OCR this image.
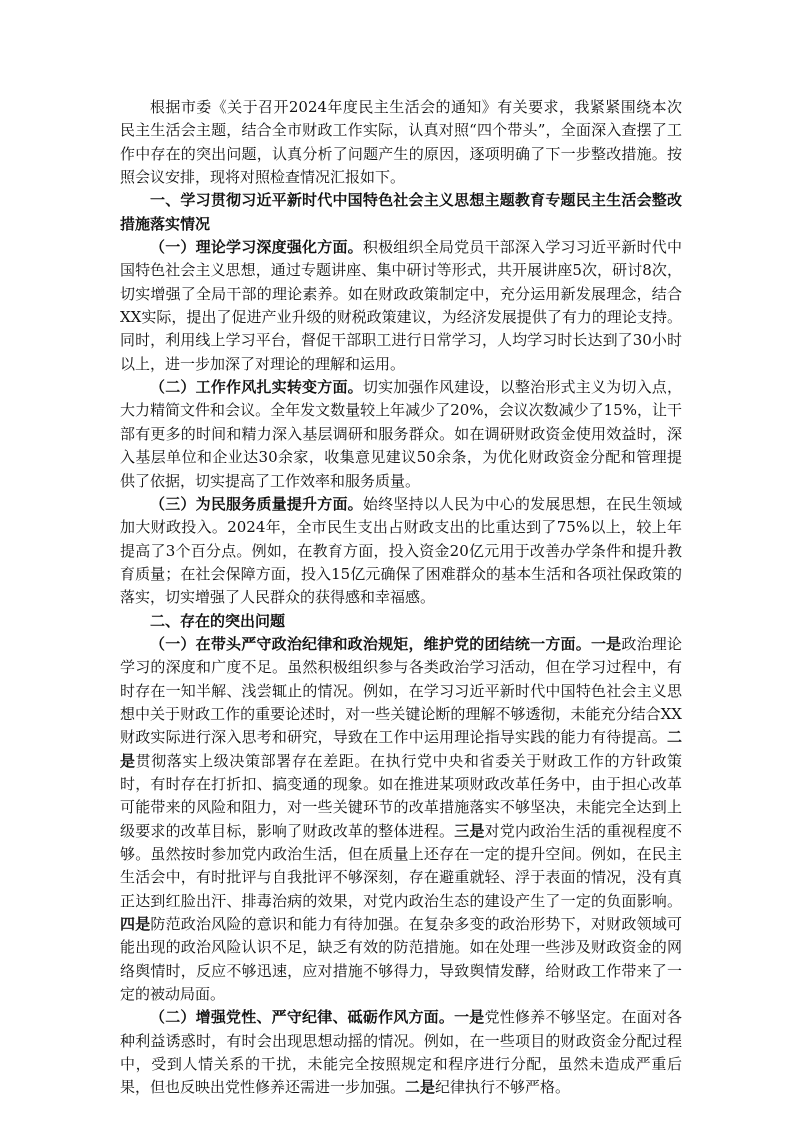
根据市委《关于召开2024年度民主生活会的通知》有关要求，我紧紧围绕本次民主生活会主题，结合全市财政工作实际，认真对照“四个带头”，全面深入查摆了工作中存在的突出问题，认真分析了问题产生的原因，逐项明确了下一步整改措施。按照会议安排，现将对照检查情况汇报如下。

一、学习贯彻习近平新时代中国特色社会主义思想主题教育专题民主生活会整改措施落实情况

（一）理论学习深度强化方面。积极组织全局党员干部深入学习习近平新时代中国特色社会主义思想，通过专题讲座、集中研讨等形式，共开展讲座5次，研讨8次，切实增强了全局干部的理论素养。如在财政政策制定中，充分运用新发展理念，结合XX实际，提出了促进产业升级的财税政策建议，为经济发展提供了有力的理论支持。同时，利用线上学习平台，督促干部职工进行日常学习，人均学习时长达到了30小时以上，进一步加深了对理论的理解和运用。

（二）工作作风扎实转变方面。切实加强作风建设，以整治形式主义为切入点，大力精简文件和会议。全年发文数量较上年减少了20%，会议次数减少了15%，让干部有更多的时间和精力深入基层调研和服务群众。如在调研财政资金使用效益时，深入基层单位和企业达30余家，收集意见建议50余条，为优化财政资金分配和管理提供了依据，切实提高了工作效率和服务质量。

（三）为民服务质量提升方面。始终坚持以人民为中心的发展思想，在民生领域加大财政投入。2024年，全市民生支出占财政支出的比重达到了75%以上，较上年提高了3个百分点。例如，在教育方面，投入资金20亿元用于改善办学条件和提升教育质量；在社会保障方面，投入15亿元确保了困难群众的基本生活和各项社保政策的落实，切实增强了人民群众的获得感和幸福感。

二、存在的突出问题

（一）在带头严守政治纪律和政治规矩，维护党的团结统一方面。一是政治理论学习的深度和广度不足。虽然积极组织参与各类政治学习活动，但在学习过程中，有时存在一知半解、浅尝辄止的情况。例如，在学习习近平新时代中国特色社会主义思想中关于财政工作的重要论述时，对一些关键论断的理解不够透彻，未能充分结合XX财政实际进行深入思考和研究，导致在工作中运用理论指导实践的能力有待提高。二是贯彻落实上级决策部署存在差距。在执行党中央和省委关于财政工作的方针政策时，有时存在打折扣、搞变通的现象。如在推进某项财政改革任务中，由于担心改革可能带来的风险和阻力，对一些关键环节的改革措施落实不够坚决，未能完全达到上级要求的改革目标，影响了财政改革的整体进程。三是对党内政治生活的重视程度不够。虽然按时参加党内政治生活，但在质量上还存在一定的提升空间。例如，在民主生活会中，有时批评与自我批评不够深刻，存在避重就轻、浮于表面的情况，没有真正达到红脸出汗、排毒治病的效果，对党内政治生态的建设产生了一定的负面影响。四是防范政治风险的意识和能力有待加强。在复杂多变的政治形势下，对财政领域可能出现的政治风险认识不足，缺乏有效的防范措施。如在处理一些涉及财政资金的网络舆情时，反应不够迅速，应对措施不够得力，导致舆情发酵，给财政工作带来了一定的被动局面。

（二）增强党性、严守纪律、砥砺作风方面。一是党性修养不够坚定。在面对各种利益诱惑时，有时会出现思想动摇的情况。例如，在一些项目的财政资金分配过程中，受到人情关系的干扰，未能完全按照规定和程序进行分配，虽然未造成严重后果，但也反映出党性修养还需进一步加强。二是纪律执行不够严格。
